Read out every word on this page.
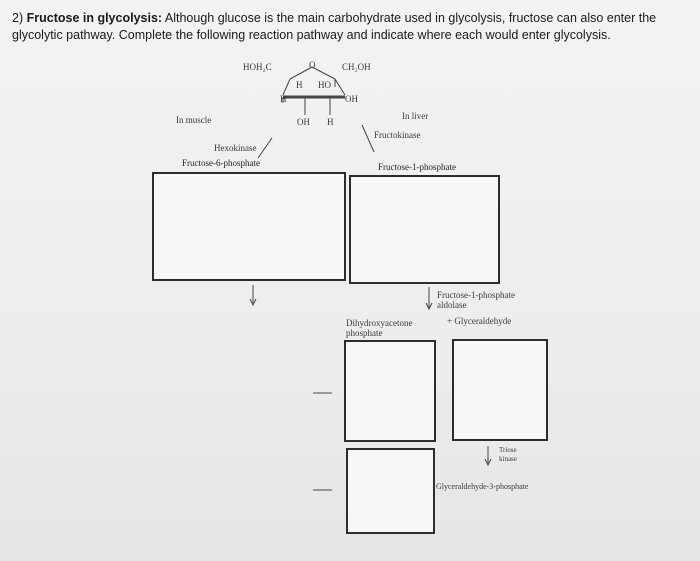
2) Fructose in glycolysis: Although glucose is the main carbohydrate used in glycolysis, fructose can also enter the
glycolytic pathway. Complete the following reaction pathway and indicate where each would enter glycolysis.
HOH₂C	O	CH₂OH
H HO
H	OH
OH H
In muscle
Hexokinase
Fructose-6-phosphate
In liver
Fructokinase
Fructose-1-phosphate
Fructose-1-phosphate
aldolase
Dihydroxyacetone
phosphate
+ Glyceraldehyde
Triose
kinase
Glyceraldehyde-3-phosphate
